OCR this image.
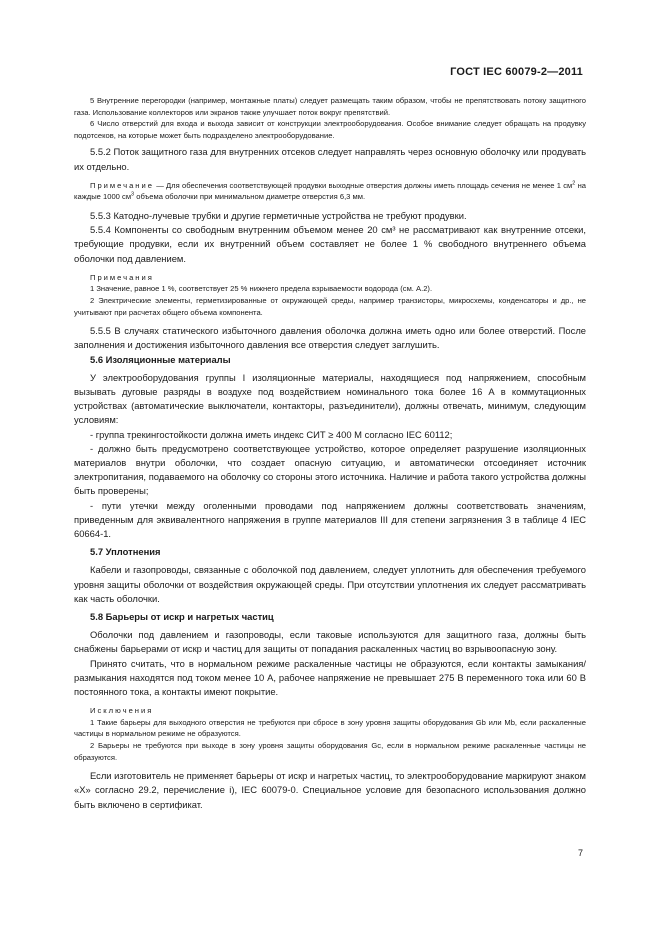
ГОСТ IEC 60079-2—2011

5 Внутренние перегородки (например, монтажные платы) следует размещать таким образом, чтобы не препятствовать потоку защитного газа. Использование коллекторов или экранов также улучшает поток вокруг препятствий.

6 Число отверстий для входа и выхода зависит от конструкции электрооборудования. Особое внимание следует обращать на продувку подотсеков, на которые может быть подразделено электрооборудование.

5.5.2 Поток защитного газа для внутренних отсеков следует направлять через основную оболочку или продувать их отдельно.

Примечание — Для обеспечения соответствующей продувки выходные отверстия должны иметь площадь сечения не менее 1 $см^2$ на каждые 1000 $см^3$ объема оболочки при минимальном диаметре отверстия 6,3 мм.

5.5.3 Катодно-лучевые трубки и другие герметичные устройства не требуют продувки.

5.5.4 Компоненты со свободным внутренним объемом менее 20 см³ не рассматривают как внутренние отсеки, требующие продувки, если их внутренний объем составляет не более 1 % свободного внутреннего объема оболочки под давлением.

Примечания

1 Значение, равное 1 %, соответствует 25 % нижнего предела взрываемости водорода (см. А.2).

2 Электрические элементы, герметизированные от окружающей среды, например транзисторы, микросхемы, конденсаторы и др., не учитывают при расчетах общего объема компонента.

5.5.5 В случаях статического избыточного давления оболочка должна иметь одно или более отверстий. После заполнения и достижения избыточного давления все отверстия следует заглушить.

5.6 Изоляционные материалы

У электрооборудования группы I изоляционные материалы, находящиеся под напряжением, способным вызывать дуговые разряды в воздухе под воздействием номинального тока более 16 А в коммутационных устройствах (автоматические выключатели, контакторы, разъединители), должны отвечать, минимум, следующим условиям:

- группа трекингостойкости должна иметь индекс СИТ ≥ 400 М согласно IEC 60112;

- должно быть предусмотрено соответствующее устройство, которое определяет разрушение изоляционных материалов внутри оболочки, что создает опасную ситуацию, и автоматически отсоединяет источник электропитания, подаваемого на оболочку со стороны этого источника. Наличие и работа такого устройства должны быть проверены;

- пути утечки между оголенными проводами под напряжением должны соответствовать значениям, приведенным для эквивалентного напряжения в группе материалов III для степени загрязнения 3 в таблице 4 IEC 60664-1.

5.7 Уплотнения

Кабели и газопроводы, связанные с оболочкой под давлением, следует уплотнить для обеспечения требуемого уровня защиты оболочки от воздействия окружающей среды. При отсутствии уплотнения их следует рассматривать как часть оболочки.

5.8 Барьеры от искр и нагретых частиц

Оболочки под давлением и газопроводы, если таковые используются для защитного газа, должны быть снабжены барьерами от искр и частиц для защиты от попадания раскаленных частиц во взрывоопасную зону.

Принято считать, что в нормальном режиме раскаленные частицы не образуются, если контакты замыкания/размыкания находятся под током менее 10 А, рабочее напряжение не превышает 275 В переменного тока или 60 В постоянного тока, а контакты имеют покрытие.

Исключения

1 Такие барьеры для выходного отверстия не требуются при сбросе в зону уровня защиты оборудования Gb или Mb, если раскаленные частицы в нормальном режиме не образуются.

2 Барьеры не требуются при выходе в зону уровня защиты оборудования Gc, если в нормальном режиме раскаленные частицы не образуются.

Если изготовитель не применяет барьеры от искр и нагретых частиц, то электрооборудование маркируют знаком «X» согласно 29.2, перечисление i), IEC 60079-0. Специальное условие для безопасного использования должно быть включено в сертификат.

7
